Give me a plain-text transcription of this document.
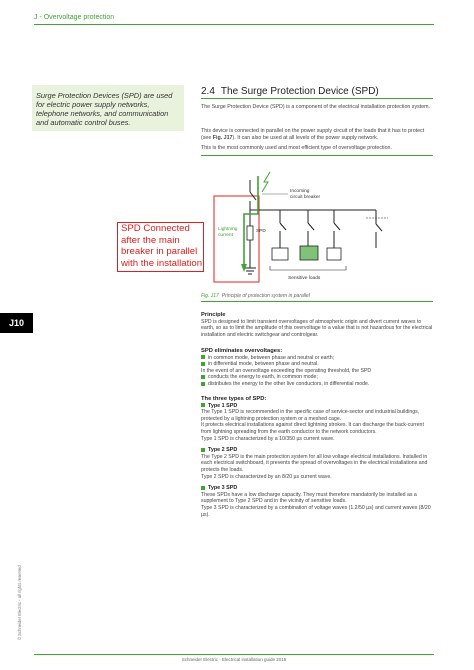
J - Overvoltage protection
Surge Protection Devices (SPD) are used for electric power supply networks, telephone networks, and communication and automatic control buses.
2.4 The Surge Protection Device (SPD)
The Surge Protection Device (SPD) is a component of the electrical installation protection system.
This device is connected in parallel on the power supply circuit of the loads that it has to protect (see Fig. J17). It can also be used at all levels of the power supply network.
This is the most commonly used and most efficient type of overvoltage protection.
Incoming
circuit breaker
Lightning
current
SPD
Sensitive loads
SPD Connected
after the main
breaker in parallel
with the installation
Fig. J17 Principle of protection system in parallel
J10
Principle
SPD is designed to limit transient overvoltages of atmospheric origin and divert current waves to earth, so as to limit the amplitude of this overvoltage to a value that is not hazardous for the electrical installation and electric switchgear and controlgear.
SPD eliminates overvoltages:
in common mode, between phase and neutral or earth;
in differential mode, between phase and neutral.
In the event of an overvoltage exceeding the operating threshold, the SPD
conducts the energy to earth, in common mode;
distributes the energy to the other live conductors, in differential mode.
The three types of SPD:
Type 1 SPD
The Type 1 SPD is recommended in the specific case of service-sector and industrial buildings, protected by a lightning protection system or a meshed cage.
It protects electrical installations against direct lightning strokes. It can discharge the back-current from lightning spreading from the earth conductor to the network conductors.
Type 1 SPD is characterized by a 10/350 µs current wave.
Type 2 SPD
The Type 2 SPD is the main protection system for all low voltage electrical installations. Installed in each electrical switchboard, it prevents the spread of overvoltages in the electrical installations and protects the loads.
Type 2 SPD is characterized by an 8/20 µs current wave.
Type 3 SPD
These SPDs have a low discharge capacity. They must therefore mandatorily be installed as a supplement to Type 2 SPD and in the vicinity of sensitive loads.
Type 3 SPD is characterized by a combination of voltage waves (1.2/50 µs) and current waves (8/20 µs).
© Schneider Electric - all rights reserved
Schneider Electric - Electrical installation guide 2015
